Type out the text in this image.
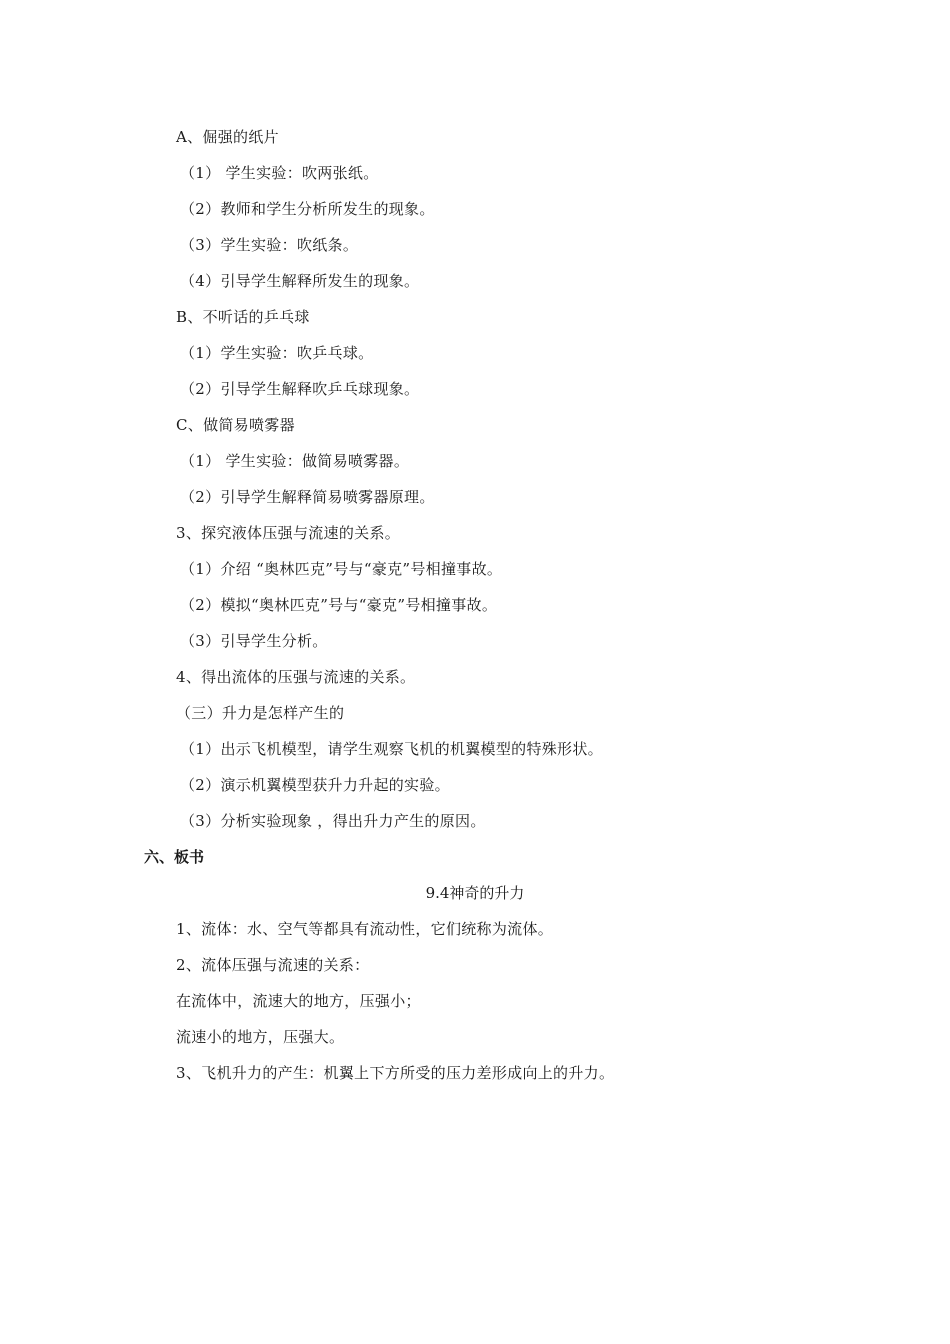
A、倔强的纸片
（1） 学生实验：吹两张纸。
（2）教师和学生分析所发生的现象。
（3）学生实验：吹纸条。
（4）引导学生解释所发生的现象。
B、不听话的乒乓球
（1）学生实验：吹乒乓球。
（2）引导学生解释吹乒乓球现象。
C、做简易喷雾器
（1） 学生实验：做简易喷雾器。
（2）引导学生解释简易喷雾器原理。
3、探究液体压强与流速的关系。
（1）介绍 “奥林匹克”号与“豪克”号相撞事故。
（2）模拟“奥林匹克”号与“豪克”号相撞事故。
（3）引导学生分析。
4、得出流体的压强与流速的关系。
（三）升力是怎样产生的
（1）出示飞机模型，请学生观察飞机的机翼模型的特殊形状。
（2）演示机翼模型获升力升起的实验。
（3）分析实验现象 ，得出升力产生的原因。
六、板书
9.4神奇的升力
1、流体：水、空气等都具有流动性，它们统称为流体。
2、流体压强与流速的关系：
在流体中，流速大的地方，压强小；
流速小的地方，压强大。
3、飞机升力的产生：机翼上下方所受的压力差形成向上的升力。
